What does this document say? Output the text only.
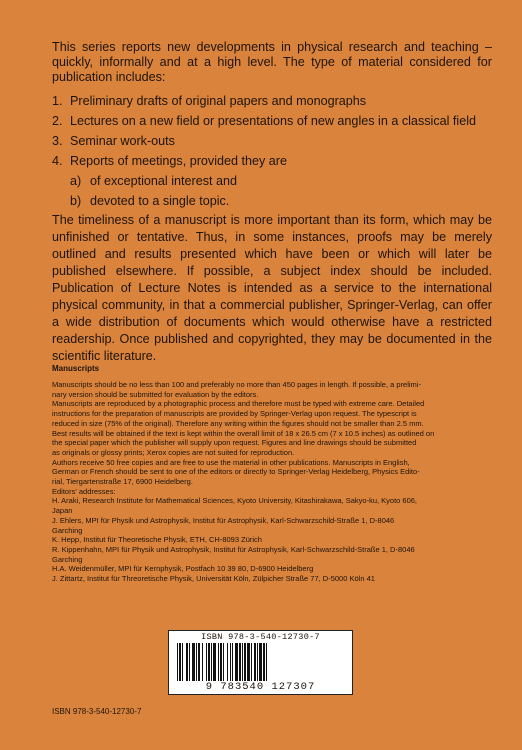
This series reports new developments in physical research and teaching – quickly, informally and at a high level. The type of material considered for publication includes:
1. Preliminary drafts of original papers and monographs
2. Lectures on a new field or presentations of new angles in a classical field
3. Seminar work-outs
4. Reports of meetings, provided they are
a) of exceptional interest and
b) devoted to a single topic.
The timeliness of a manuscript is more important than its form, which may be unfinished or tentative. Thus, in some instances, proofs may be merely outlined and results presented which have been or which will later be published elsewhere. If possible, a subject index should be included. Publication of Lecture Notes is intended as a service to the international physical community, in that a commercial publisher, Springer-Verlag, can offer a wide distribution of documents which would otherwise have a restricted readership. Once published and copyrighted, they may be documented in the scientific literature.
Manuscripts
Manuscripts should be no less than 100 and preferably no more than 450 pages in length. If possible, a prelimi-
nary version should be submitted for evaluation by the editors.
Manuscripts are reproduced by a photographic process and therefore must be typed with extreme care. Detailed
instructions for the preparation of manuscripts are provided by Springer-Verlag upon request. The typescript is
reduced in size (75% of the original). Therefore any writing within the figures should not be smaller than 2.5 mm.
Best results will be obtained if the text is kept within the overall limit of 18 x 26.5 cm (7 x 10.5 inches) as outlined on
the special paper which the publisher will supply upon request. Figures and line drawings should be submitted
as originals or glossy prints; Xerox copies are not suited for reproduction.
Authors receive 50 free copies and are free to use the material in other publications. Manuscripts in English,
German or French should be sent to one of the editors or directly to Springer-Verlag Heidelberg, Physics Edito-
rial, Tiergartenstraße 17, 6900 Heidelberg.
Editors' addresses:
H. Araki, Research Institute for Mathematical Sciences, Kyoto University, Kitashirakawa, Sakyo-ku, Kyoto 606,
Japan
J. Ehlers, MPI für Physik und Astrophysik, Institut für Astrophysik, Karl-Schwarzschild-Straße 1, D-8046
Garching
K. Hepp, Institut für Theoretische Physik, ETH, CH-8093 Zürich
R. Kippenhahn, MPI für Physik und Astrophysik, Institut für Astrophysik, Karl-Schwarzschild-Straße 1, D-8046
Garching
H.A. Weidenmüller, MPI für Kernphysik, Postfach 10 39 80, D-6900 Heidelberg
J. Zittartz, Institut für Threoretische Physik, Universität Köln, Zülpicher Straße 77, D-5000 Köln 41
ISBN 978-3-540-12730-7
9 783540 127307
ISBN 978-3-540-12730-7
